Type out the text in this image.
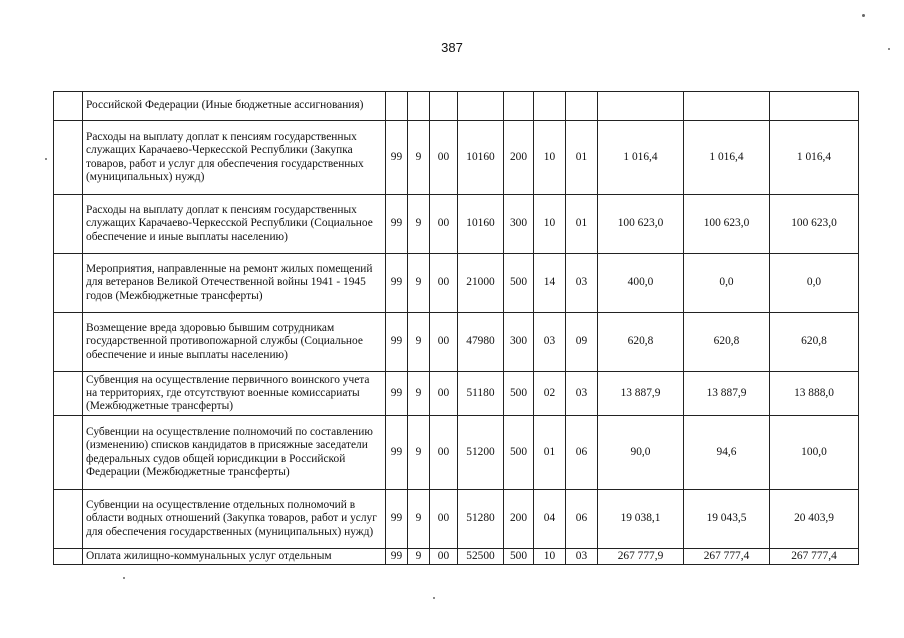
387
	Российской Федерации (Иные бюджетные ассигнования)										
	Расходы на выплату доплат к пенсиям государственных служащих Карачаево-Черкесской Республики (Закупка товаров, работ и услуг для обеспечения государственных (муниципальных) нужд)	99	9	00	10160	200	10	01	1 016,4	1 016,4	1 016,4
	Расходы на выплату доплат к пенсиям государственных служащих Карачаево-Черкесской Республики (Социальное обеспечение и иные выплаты населению)	99	9	00	10160	300	10	01	100 623,0	100 623,0	100 623,0
	Мероприятия, направленные на ремонт жилых помещений для ветеранов Великой Отечественной войны 1941 - 1945 годов (Межбюджетные трансферты)	99	9	00	21000	500	14	03	400,0	0,0	0,0
	Возмещение вреда здоровью бывшим сотрудникам государственной противопожарной службы (Социальное обеспечение и иные выплаты населению)	99	9	00	47980	300	03	09	620,8	620,8	620,8
	Субвенция на осуществление первичного воинского учета на территориях, где отсутствуют военные комиссариаты (Межбюджетные трансферты)	99	9	00	51180	500	02	03	13 887,9	13 887,9	13 888,0
	Субвенции на осуществление полномочий по составлению (изменению) списков кандидатов в присяжные заседатели федеральных судов общей юрисдикции в Российской Федерации (Межбюджетные трансферты)	99	9	00	51200	500	01	06	90,0	94,6	100,0
	Субвенции на осуществление отдельных полномочий в области водных отношений (Закупка товаров, работ и услуг для обеспечения государственных (муниципальных) нужд)	99	9	00	51280	200	04	06	19 038,1	19 043,5	20 403,9
	Оплата жилищно-коммунальных услуг отдельным	99	9	00	52500	500	10	03	267 777,9	267 777,4	267 777,4
